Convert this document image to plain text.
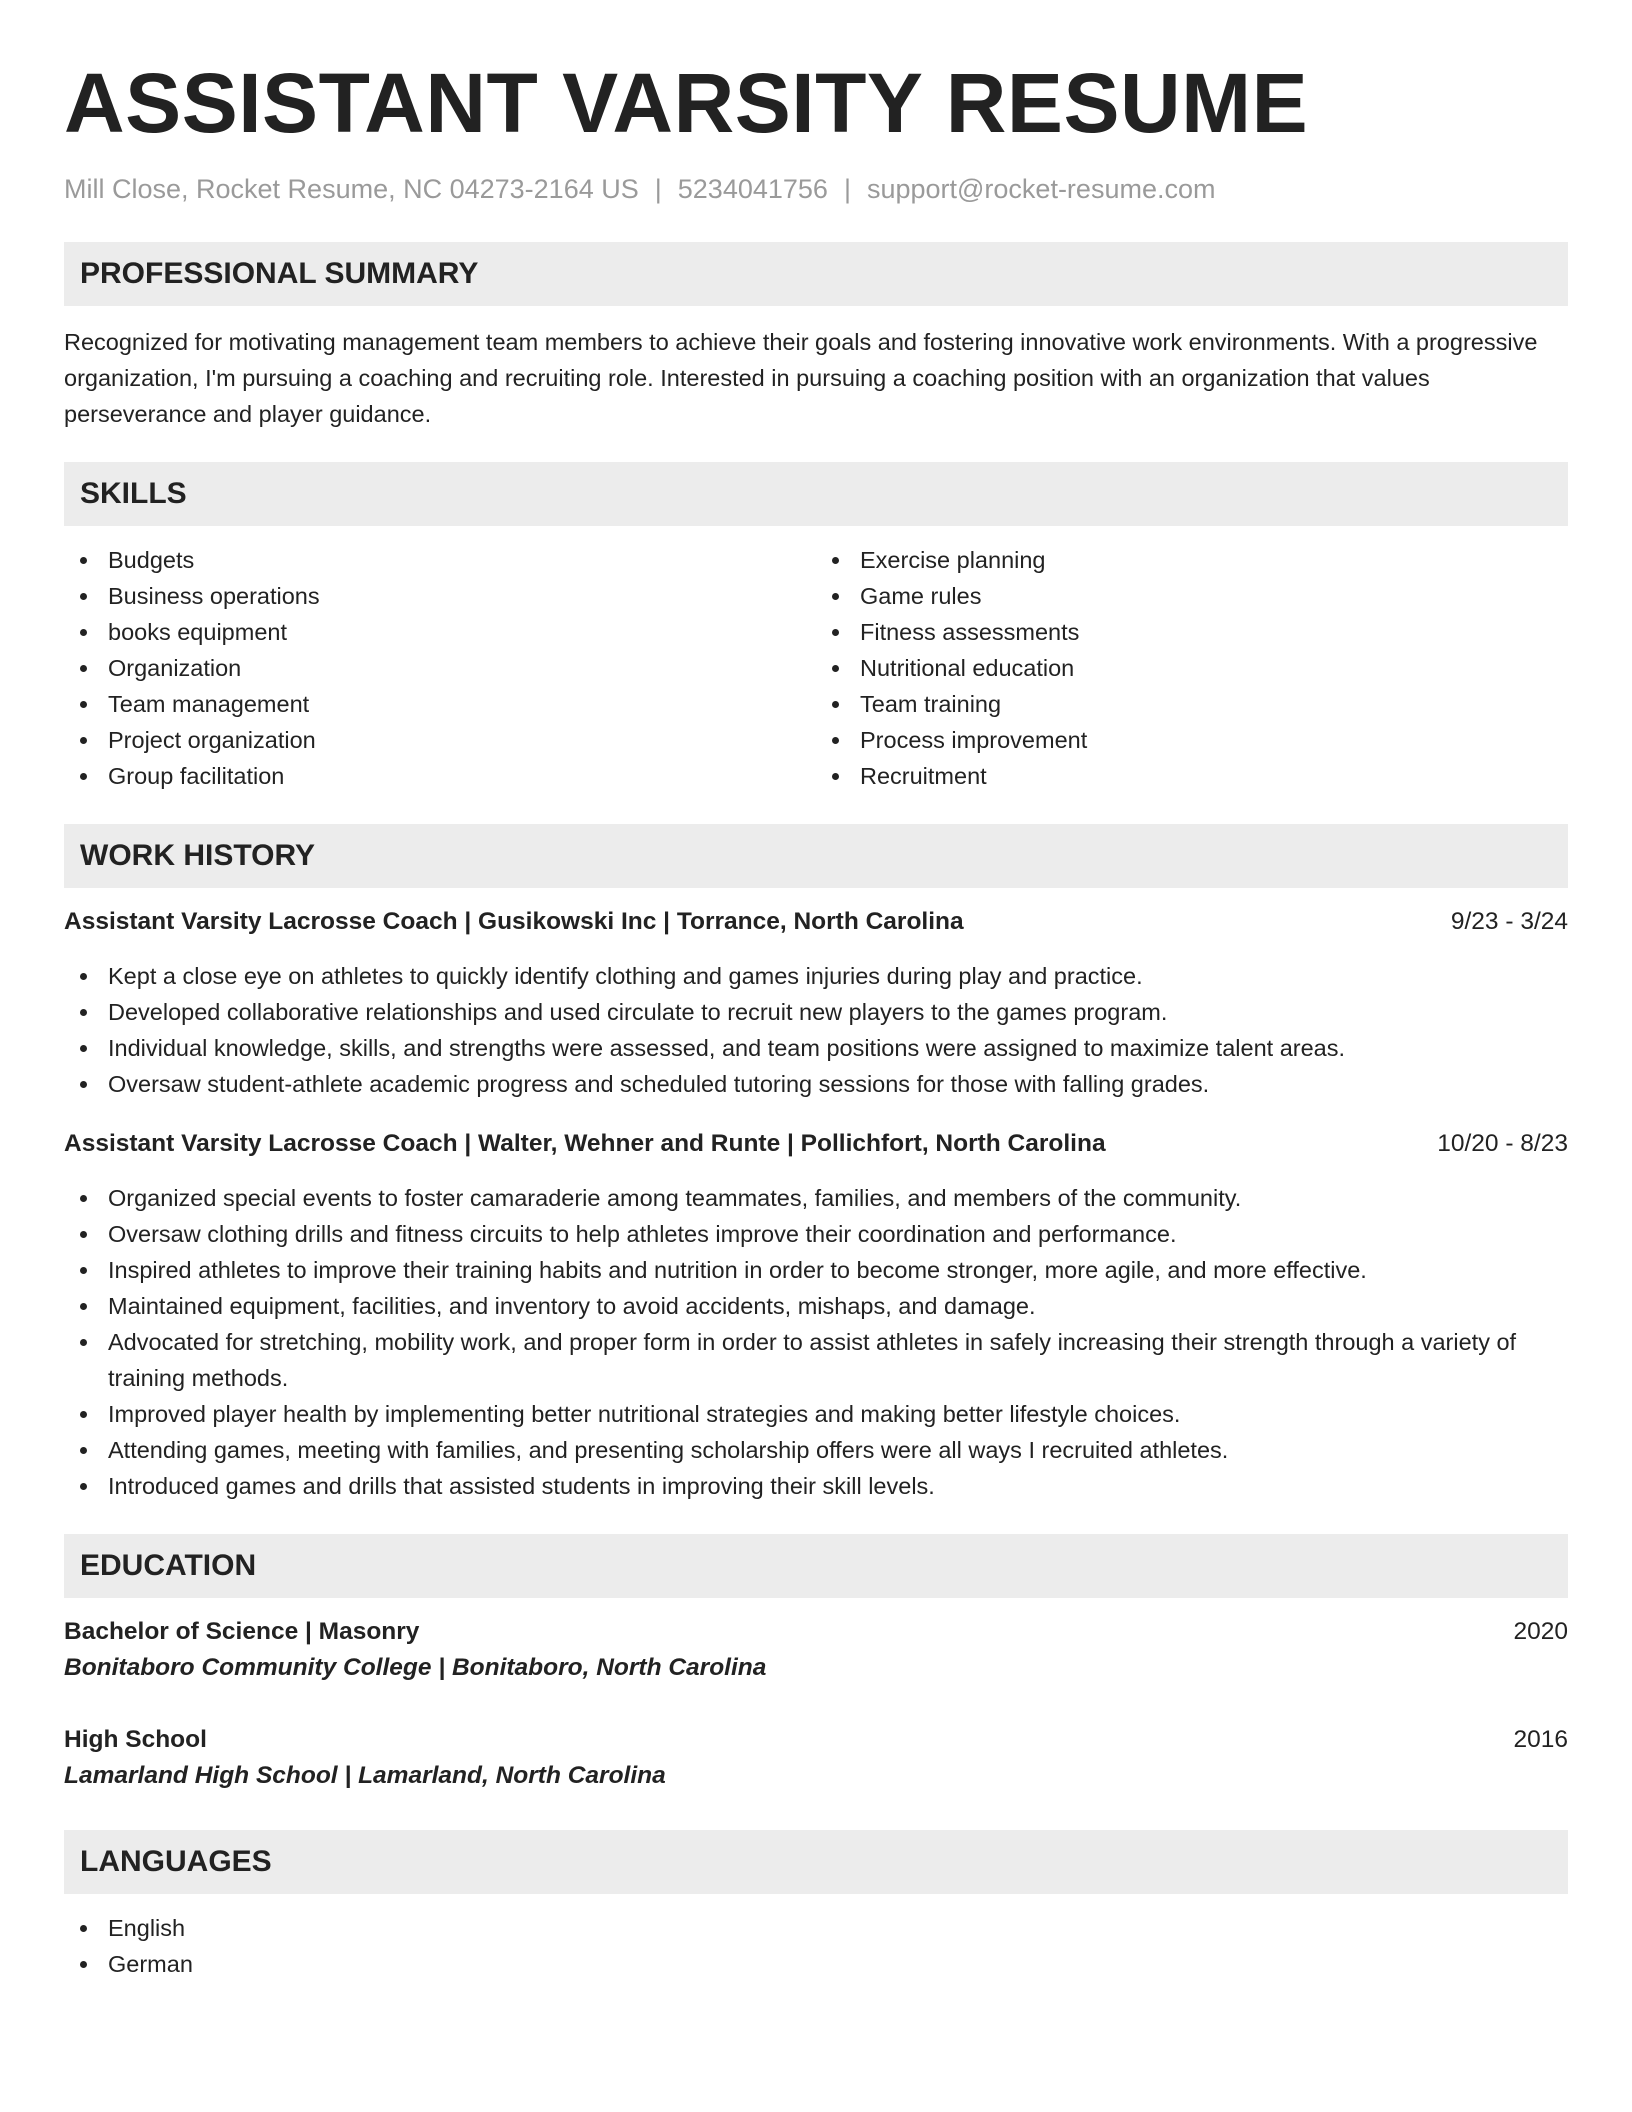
ASSISTANT VARSITY RESUME
Mill Close, Rocket Resume, NC 04273-2164 US | 5234041756 | support@rocket-resume.com
PROFESSIONAL SUMMARY

Recognized for motivating management team members to achieve their goals and fostering innovative work environments. With a progressive organization, I'm pursuing a coaching and recruiting role. Interested in pursuing a coaching position with an organization that values perseverance and player guidance.

SKILLS
Budgets
Business operations
books equipment
Organization
Team management
Project organization
Group facilitation
Exercise planning
Game rules
Fitness assessments
Nutritional education
Team training
Process improvement
Recruitment
WORK HISTORY
Assistant Varsity Lacrosse Coach | Gusikowski Inc | Torrance, North Carolina	9/23 - 3/24
Kept a close eye on athletes to quickly identify clothing and games injuries during play and practice.
Developed collaborative relationships and used circulate to recruit new players to the games program.
Individual knowledge, skills, and strengths were assessed, and team positions were assigned to maximize talent areas.
Oversaw student-athlete academic progress and scheduled tutoring sessions for those with falling grades.
Assistant Varsity Lacrosse Coach | Walter, Wehner and Runte | Pollichfort, North Carolina	10/20 - 8/23
Organized special events to foster camaraderie among teammates, families, and members of the community.
Oversaw clothing drills and fitness circuits to help athletes improve their coordination and performance.
Inspired athletes to improve their training habits and nutrition in order to become stronger, more agile, and more effective.
Maintained equipment, facilities, and inventory to avoid accidents, mishaps, and damage.
Advocated for stretching, mobility work, and proper form in order to assist athletes in safely increasing their strength through a variety of training methods.
Improved player health by implementing better nutritional strategies and making better lifestyle choices.
Attending games, meeting with families, and presenting scholarship offers were all ways I recruited athletes.
Introduced games and drills that assisted students in improving their skill levels.
EDUCATION
Bachelor of Science | Masonry	2020
Bonitaboro Community College | Bonitaboro, North Carolina
High School	2016
Lamarland High School | Lamarland, North Carolina
LANGUAGES
English
German
